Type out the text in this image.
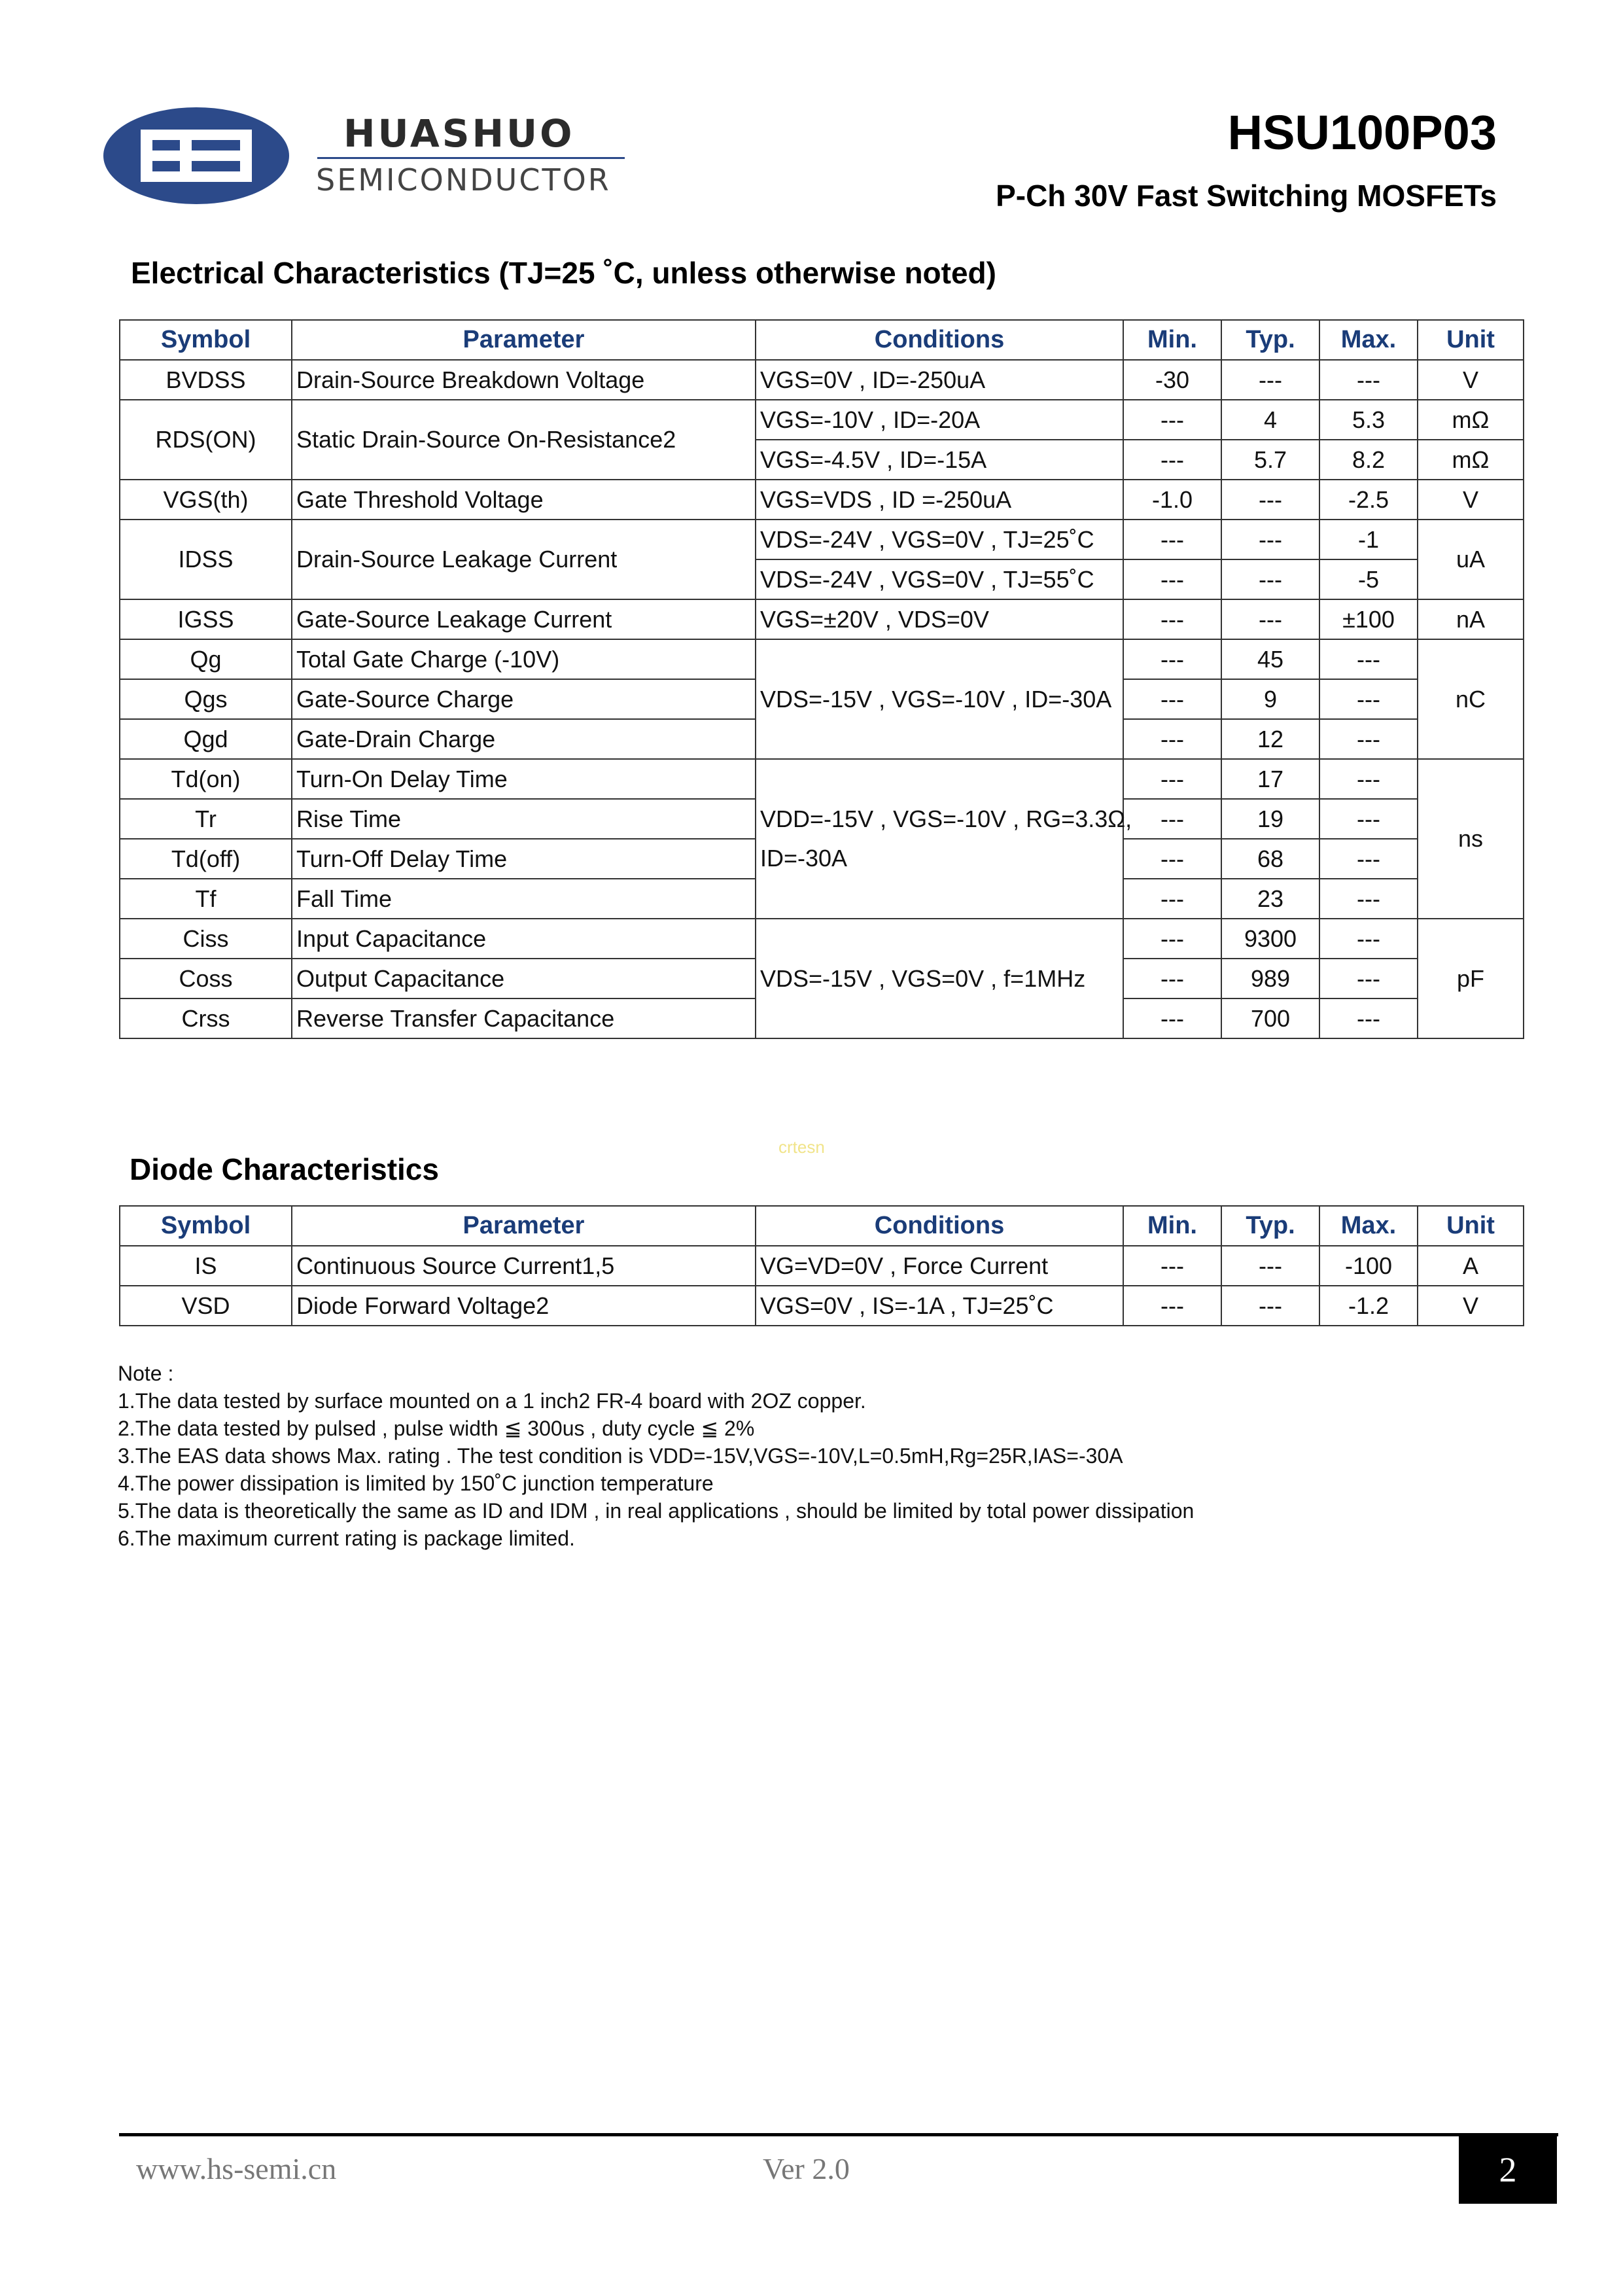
HUASHUO
SEMICONDUCTOR
HSU100P03
P-Ch 30V Fast Switching MOSFETs
Electrical Characteristics (TJ=25 ˚C, unless otherwise noted)
Symbol	Parameter	Conditions	Min.	Typ.	Max.	Unit
BVDSS	Drain-Source Breakdown Voltage	VGS=0V , ID=-250uA	-30	---	---	V
RDS(ON)	Static Drain-Source On-Resistance2	VGS=-10V , ID=-20A	---	4	5.3	mΩ
		VGS=-4.5V , ID=-15A	---	5.7	8.2	mΩ
VGS(th)	Gate Threshold Voltage	VGS=VDS , ID =-250uA	-1.0	---	-2.5	V
IDSS	Drain-Source Leakage Current	VDS=-24V , VGS=0V , TJ=25˚C	---	---	-1	uA
		VDS=-24V , VGS=0V , TJ=55˚C	---	---	-5	
IGSS	Gate-Source Leakage Current	VGS=±20V , VDS=0V	---	---	±100	nA
Qg	Total Gate Charge (-10V)	VDS=-15V , VGS=-10V , ID=-30A	---	45	---	nC
Qgs	Gate-Source Charge		---	9	---	
Qgd	Gate-Drain Charge		---	12	---	
Td(on)	Turn-On Delay Time	VDD=-15V , VGS=-10V , RG=3.3Ω,
ID=-30A	---	17	---	ns
Tr	Rise Time		---	19	---	
Td(off)	Turn-Off Delay Time		---	68	---	
Tf	Fall Time		---	23	---	
Ciss	Input Capacitance	VDS=-15V , VGS=0V , f=1MHz	---	9300	---	pF
Coss	Output Capacitance		---	989	---	
Crss	Reverse Transfer Capacitance		---	700	---	
crtesn
Diode Characteristics
Symbol	Parameter	Conditions	Min.	Typ.	Max.	Unit
IS	Continuous Source Current1,5	VG=VD=0V , Force Current	---	---	-100	A
VSD	Diode Forward Voltage2	VGS=0V , IS=-1A , TJ=25˚C	---	---	-1.2	V
Note :
1.The data tested by surface mounted on a 1 inch2 FR-4 board with 2OZ copper.
2.The data tested by pulsed , pulse width ≦ 300us , duty cycle ≦ 2%
3.The EAS data shows Max. rating . The test condition is VDD=-15V,VGS=-10V,L=0.5mH,Rg=25R,IAS=-30A
4.The power dissipation is limited by 150˚C junction temperature
5.The data is theoretically the same as ID and IDM , in real applications , should be limited by total power dissipation
6.The maximum current rating is package limited.
www.hs-semi.cn	Ver 2.0	2
